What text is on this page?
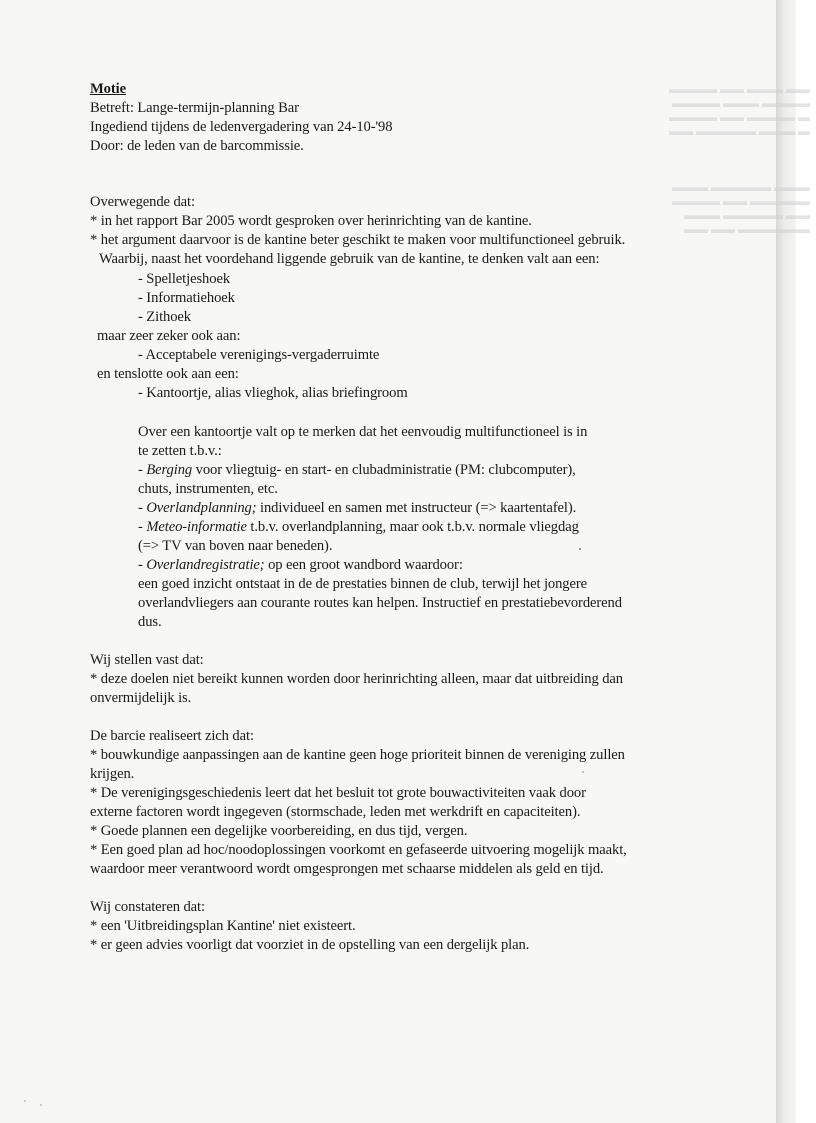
▬▬ ▬▬▬ ▬▬ ▬▬▬▬
▬▬▬▬ ▬▬▬ ▬▬▬▬
▬ ▬▬▬▬ ▬▬ ▬▬▬▬
▬ ▬▬▬ ▬▬▬▬▬ ▬▬

▬▬▬ ▬▬▬▬▬ ▬▬▬
▬▬▬▬▬ ▬▬ ▬▬▬▬
▬▬ ▬▬▬▬▬ ▬▬▬
▬▬▬▬▬▬ ▬▬ ▬▬
Motie
Betreft: Lange-termijn-planning Bar
Ingediend tijdens de ledenvergadering van 24-10-'98
Door: de leden van de barcommissie.
Overwegende dat:
* in het rapport Bar 2005 wordt gesproken over herinrichting van de kantine.
* het argument daarvoor is de kantine beter geschikt te maken voor multifunctioneel gebruik.
Waarbij, naast het voordehand liggende gebruik van de kantine, te denken valt aan een:
- Spelletjeshoek
- Informatiehoek
- Zithoek
maar zeer zeker ook aan:
- Acceptabele verenigings-vergaderruimte
en tenslotte ook aan een:
- Kantoortje, alias vlieghok, alias briefingroom
Over een kantoortje valt op te merken dat het eenvoudig multifunctioneel is in
te zetten t.b.v.:
- Berging voor vliegtuig- en start- en clubadministratie (PM: clubcomputer),
chuts, instrumenten, etc.
- Overlandplanning; individueel en samen met instructeur (=> kaartentafel).
- Meteo-informatie t.b.v. overlandplanning, maar ook t.b.v. normale vliegdag
(=> TV van boven naar beneden).
- Overlandregistratie; op een groot wandbord waardoor:
een goed inzicht ontstaat in de de prestaties binnen de club, terwijl het jongere
overlandvliegers aan courante routes kan helpen. Instructief en prestatiebevorderend
dus.
Wij stellen vast dat:
* deze doelen niet bereikt kunnen worden door herinrichting alleen, maar dat uitbreiding dan
onvermijdelijk is.
De barcie realiseert zich dat:
* bouwkundige aanpassingen aan de kantine geen hoge prioriteit binnen de vereniging zullen
krijgen.
* De verenigingsgeschiedenis leert dat het besluit tot grote bouwactiviteiten vaak door
externe factoren wordt ingegeven (stormschade, leden met werkdrift en capaciteiten).
* Goede plannen een degelijke voorbereiding, en dus tijd, vergen.
* Een goed plan ad hoc/noodoplossingen voorkomt en gefaseerde uitvoering mogelijk maakt,
waardoor meer verantwoord wordt omgesprongen met schaarse middelen als geld en tijd.
Wij constateren dat:
* een 'Uitbreidingsplan Kantine' niet existeert.
* er geen advies voorligt dat voorziet in de opstelling van een dergelijk plan.
